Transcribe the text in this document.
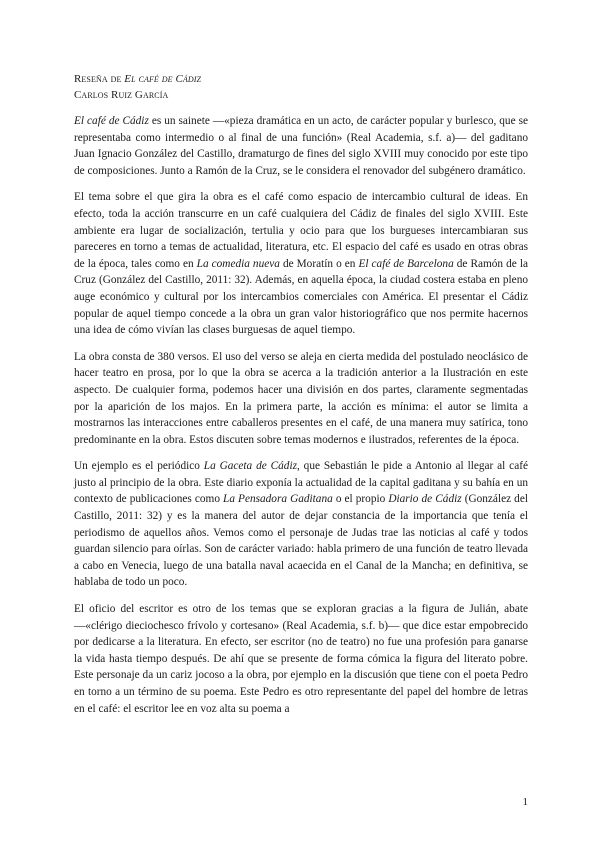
Reseña de El café de Cádiz
Carlos Ruiz García

El café de Cádiz es un sainete —«pieza dramática en un acto, de carácter popular y burlesco, que se representaba como intermedio o al final de una función» (Real Academia, s.f. a)— del gaditano Juan Ignacio González del Castillo, dramaturgo de fines del siglo XVIII muy conocido por este tipo de composiciones. Junto a Ramón de la Cruz, se le considera el renovador del subgénero dramático.

El tema sobre el que gira la obra es el café como espacio de intercambio cultural de ideas. En efecto, toda la acción transcurre en un café cualquiera del Cádiz de finales del siglo XVIII. Este ambiente era lugar de socialización, tertulia y ocio para que los burgueses intercambiaran sus pareceres en torno a temas de actualidad, literatura, etc. El espacio del café es usado en otras obras de la época, tales como en La comedia nueva de Moratín o en El café de Barcelona de Ramón de la Cruz (González del Castillo, 2011: 32). Además, en aquella época, la ciudad costera estaba en pleno auge económico y cultural por los intercambios comerciales con América. El presentar el Cádiz popular de aquel tiempo concede a la obra un gran valor historiográfico que nos permite hacernos una idea de cómo vivían las clases burguesas de aquel tiempo.

La obra consta de 380 versos. El uso del verso se aleja en cierta medida del postulado neoclásico de hacer teatro en prosa, por lo que la obra se acerca a la tradición anterior a la Ilustración en este aspecto. De cualquier forma, podemos hacer una división en dos partes, claramente segmentadas por la aparición de los majos. En la primera parte, la acción es mínima: el autor se limita a mostrarnos las interacciones entre caballeros presentes en el café, de una manera muy satírica, tono predominante en la obra. Estos discuten sobre temas modernos e ilustrados, referentes de la época.

Un ejemplo es el periódico La Gaceta de Cádiz, que Sebastián le pide a Antonio al llegar al café justo al principio de la obra. Este diario exponía la actualidad de la capital gaditana y su bahía en un contexto de publicaciones como La Pensadora Gaditana o el propio Diario de Cádiz (González del Castillo, 2011: 32) y es la manera del autor de dejar constancia de la importancia que tenía el periodismo de aquellos años. Vemos como el personaje de Judas trae las noticias al café y todos guardan silencio para oírlas. Son de carácter variado: habla primero de una función de teatro llevada a cabo en Venecia, luego de una batalla naval acaecida en el Canal de la Mancha; en definitiva, se hablaba de todo un poco.

El oficio del escritor es otro de los temas que se exploran gracias a la figura de Julián, abate —«clérigo dieciochesco frívolo y cortesano» (Real Academia, s.f. b)— que dice estar empobrecido por dedicarse a la literatura. En efecto, ser escritor (no de teatro) no fue una profesión para ganarse la vida hasta tiempo después. De ahí que se presente de forma cómica la figura del literato pobre. Este personaje da un cariz jocoso a la obra, por ejemplo en la discusión que tiene con el poeta Pedro en torno a un término de su poema. Este Pedro es otro representante del papel del hombre de letras en el café: el escritor lee en voz alta su poema a

1
